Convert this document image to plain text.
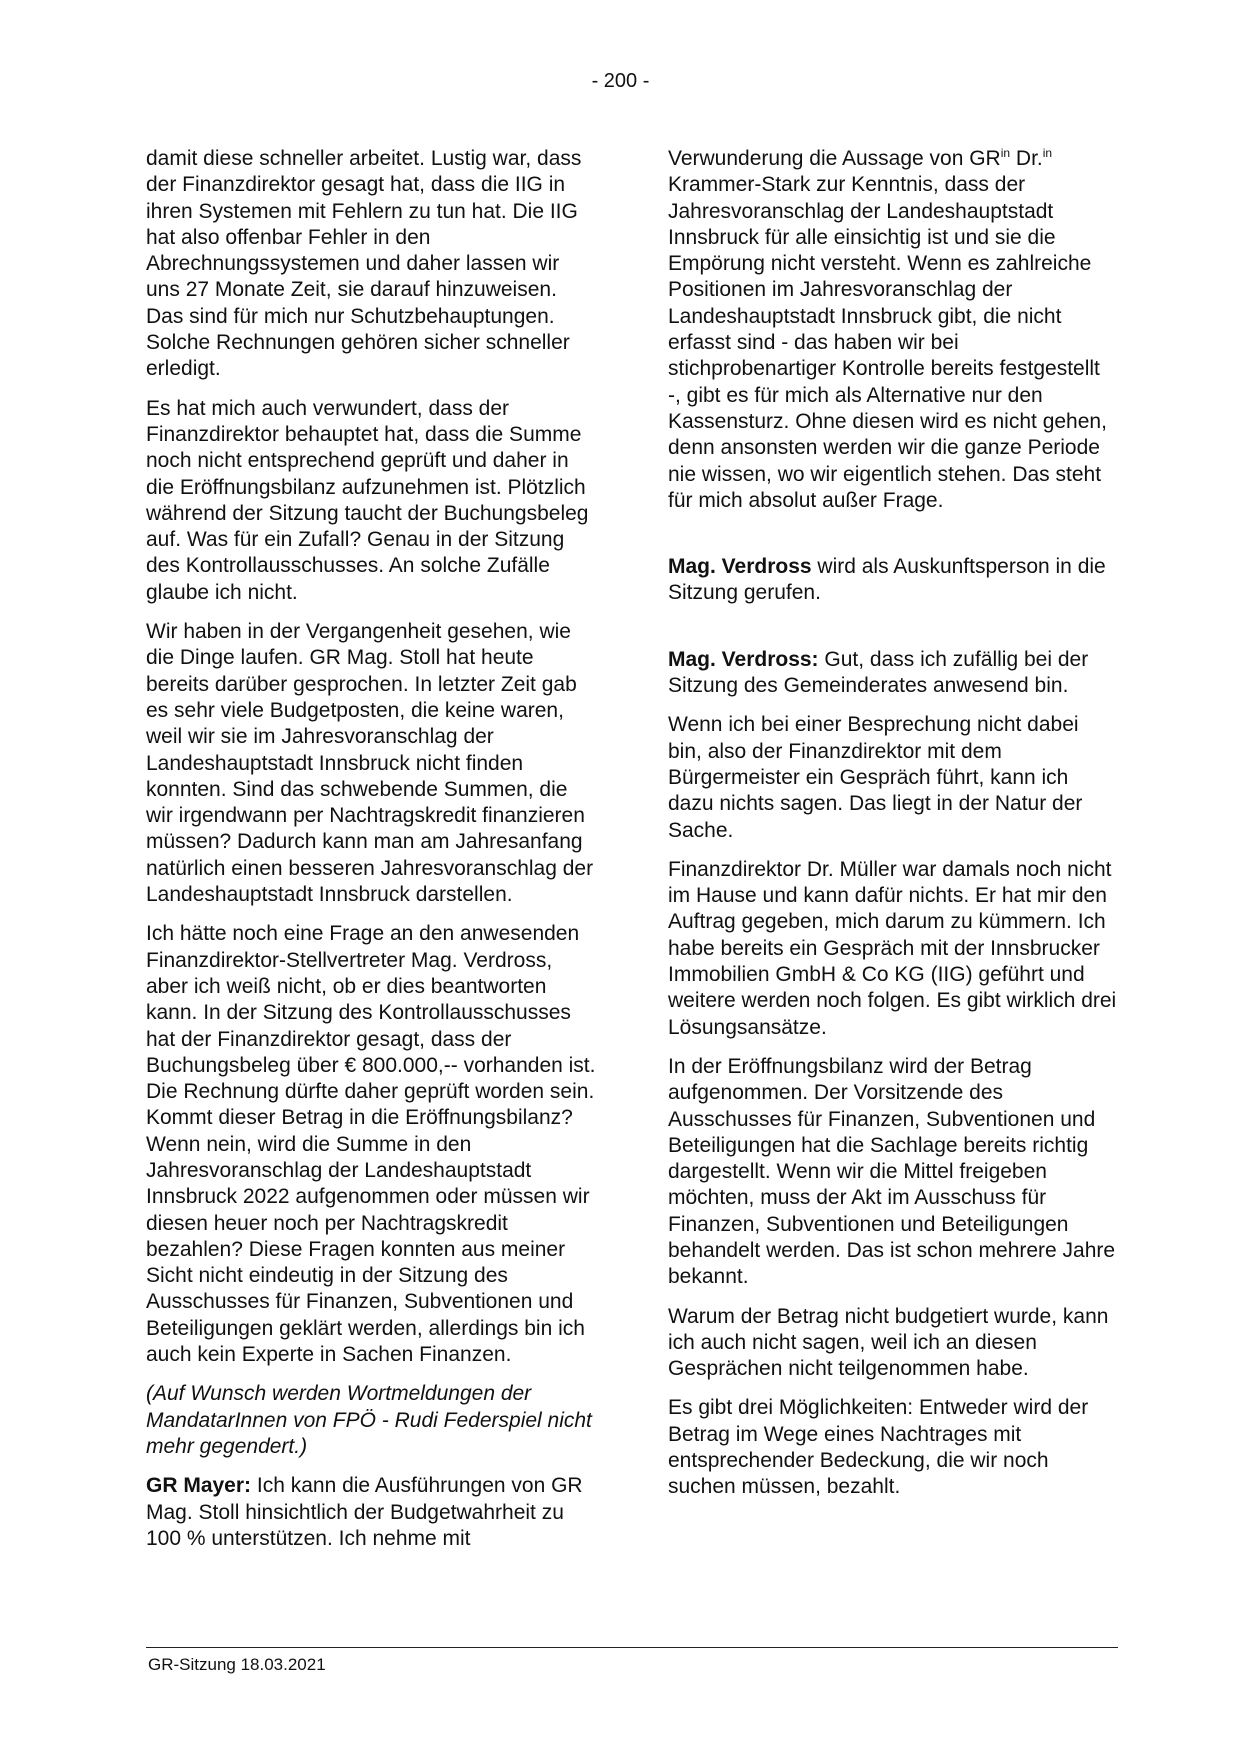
- 200 -

damit diese schneller arbeitet. Lustig war, dass der Finanzdirektor gesagt hat, dass die IIG in ihren Systemen mit Fehlern zu tun hat. Die IIG hat also offenbar Fehler in den Abrechnungssystemen und daher lassen wir uns 27 Monate Zeit, sie darauf hinzuweisen. Das sind für mich nur Schutzbehauptungen. Solche Rechnungen gehören sicher schneller erledigt.

Es hat mich auch verwundert, dass der Finanzdirektor behauptet hat, dass die Summe noch nicht entsprechend geprüft und daher in die Eröffnungsbilanz aufzunehmen ist. Plötzlich während der Sitzung taucht der Buchungsbeleg auf. Was für ein Zufall? Genau in der Sitzung des Kontrollausschusses. An solche Zufälle glaube ich nicht.

Wir haben in der Vergangenheit gesehen, wie die Dinge laufen. GR Mag. Stoll hat heute bereits darüber gesprochen. In letzter Zeit gab es sehr viele Budgetposten, die keine waren, weil wir sie im Jahresvoranschlag der Landeshauptstadt Innsbruck nicht finden konnten. Sind das schwebende Summen, die wir irgendwann per Nachtragskredit finanzieren müssen? Dadurch kann man am Jahresanfang natürlich einen besseren Jahresvoranschlag der Landeshauptstadt Innsbruck darstellen.

Ich hätte noch eine Frage an den anwesenden Finanzdirektor-Stellvertreter Mag. Verdross, aber ich weiß nicht, ob er dies beantworten kann. In der Sitzung des Kontrollausschusses hat der Finanzdirektor gesagt, dass der Buchungsbeleg über € 800.000,-- vorhanden ist. Die Rechnung dürfte daher geprüft worden sein. Kommt dieser Betrag in die Eröffnungsbilanz? Wenn nein, wird die Summe in den Jahresvoranschlag der Landeshauptstadt Innsbruck 2022 aufgenommen oder müssen wir diesen heuer noch per Nachtragskredit bezahlen? Diese Fragen konnten aus meiner Sicht nicht eindeutig in der Sitzung des Ausschusses für Finanzen, Subventionen und Beteiligungen geklärt werden, allerdings bin ich auch kein Experte in Sachen Finanzen.

(Auf Wunsch werden Wortmeldungen der MandatarInnen von FPÖ - Rudi Federspiel nicht mehr gegendert.)

GR Mayer: Ich kann die Ausführungen von GR Mag. Stoll hinsichtlich der Budgetwahrheit zu 100 % unterstützen. Ich nehme mit

Verwunderung die Aussage von $GR^{in}$ Dr.$^{in}$ Krammer-Stark zur Kenntnis, dass der Jahresvoranschlag der Landeshauptstadt Innsbruck für alle einsichtig ist und sie die Empörung nicht versteht. Wenn es zahlreiche Positionen im Jahresvoranschlag der Landeshauptstadt Innsbruck gibt, die nicht erfasst sind - das haben wir bei stichprobenartiger Kontrolle bereits festgestellt -, gibt es für mich als Alternative nur den Kassensturz. Ohne diesen wird es nicht gehen, denn ansonsten werden wir die ganze Periode nie wissen, wo wir eigentlich stehen. Das steht für mich absolut außer Frage.

Mag. Verdross wird als Auskunftsperson in die Sitzung gerufen.

Mag. Verdross: Gut, dass ich zufällig bei der Sitzung des Gemeinderates anwesend bin.

Wenn ich bei einer Besprechung nicht dabei bin, also der Finanzdirektor mit dem Bürgermeister ein Gespräch führt, kann ich dazu nichts sagen. Das liegt in der Natur der Sache.

Finanzdirektor Dr. Müller war damals noch nicht im Hause und kann dafür nichts. Er hat mir den Auftrag gegeben, mich darum zu kümmern. Ich habe bereits ein Gespräch mit der Innsbrucker Immobilien GmbH & Co KG (IIG) geführt und weitere werden noch folgen. Es gibt wirklich drei Lösungsansätze.

In der Eröffnungsbilanz wird der Betrag aufgenommen. Der Vorsitzende des Ausschusses für Finanzen, Subventionen und Beteiligungen hat die Sachlage bereits richtig dargestellt. Wenn wir die Mittel freigeben möchten, muss der Akt im Ausschuss für Finanzen, Subventionen und Beteiligungen behandelt werden. Das ist schon mehrere Jahre bekannt.

Warum der Betrag nicht budgetiert wurde, kann ich auch nicht sagen, weil ich an diesen Gesprächen nicht teilgenommen habe.

Es gibt drei Möglichkeiten: Entweder wird der Betrag im Wege eines Nachtrages mit entsprechender Bedeckung, die wir noch suchen müssen, bezahlt.

GR-Sitzung 18.03.2021
